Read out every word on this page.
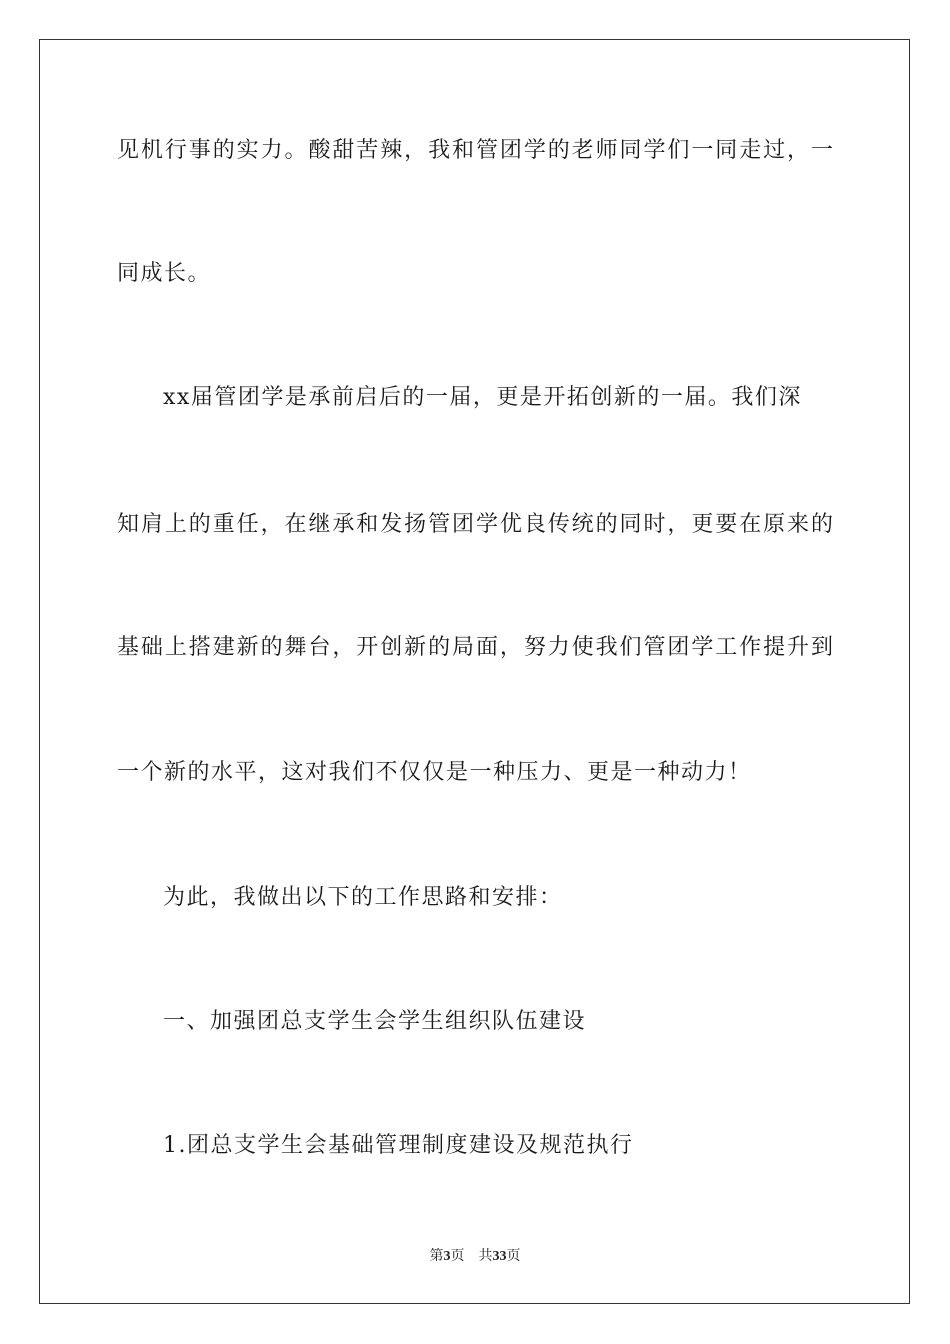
见机行事的实力。酸甜苦辣，我和管团学的老师同学们一同走过，一
同成长。
xx届管团学是承前启后的一届，更是开拓创新的一届。我们深
知肩上的重任，在继承和发扬管团学优良传统的同时，更要在原来的
基础上搭建新的舞台，开创新的局面，努力使我们管团学工作提升到
一个新的水平，这对我们不仅仅是一种压力、更是一种动力！
为此，我做出以下的工作思路和安排：
一、加强团总支学生会学生组织队伍建设
1.团总支学生会基础管理制度建设及规范执行
第3页 共33页
